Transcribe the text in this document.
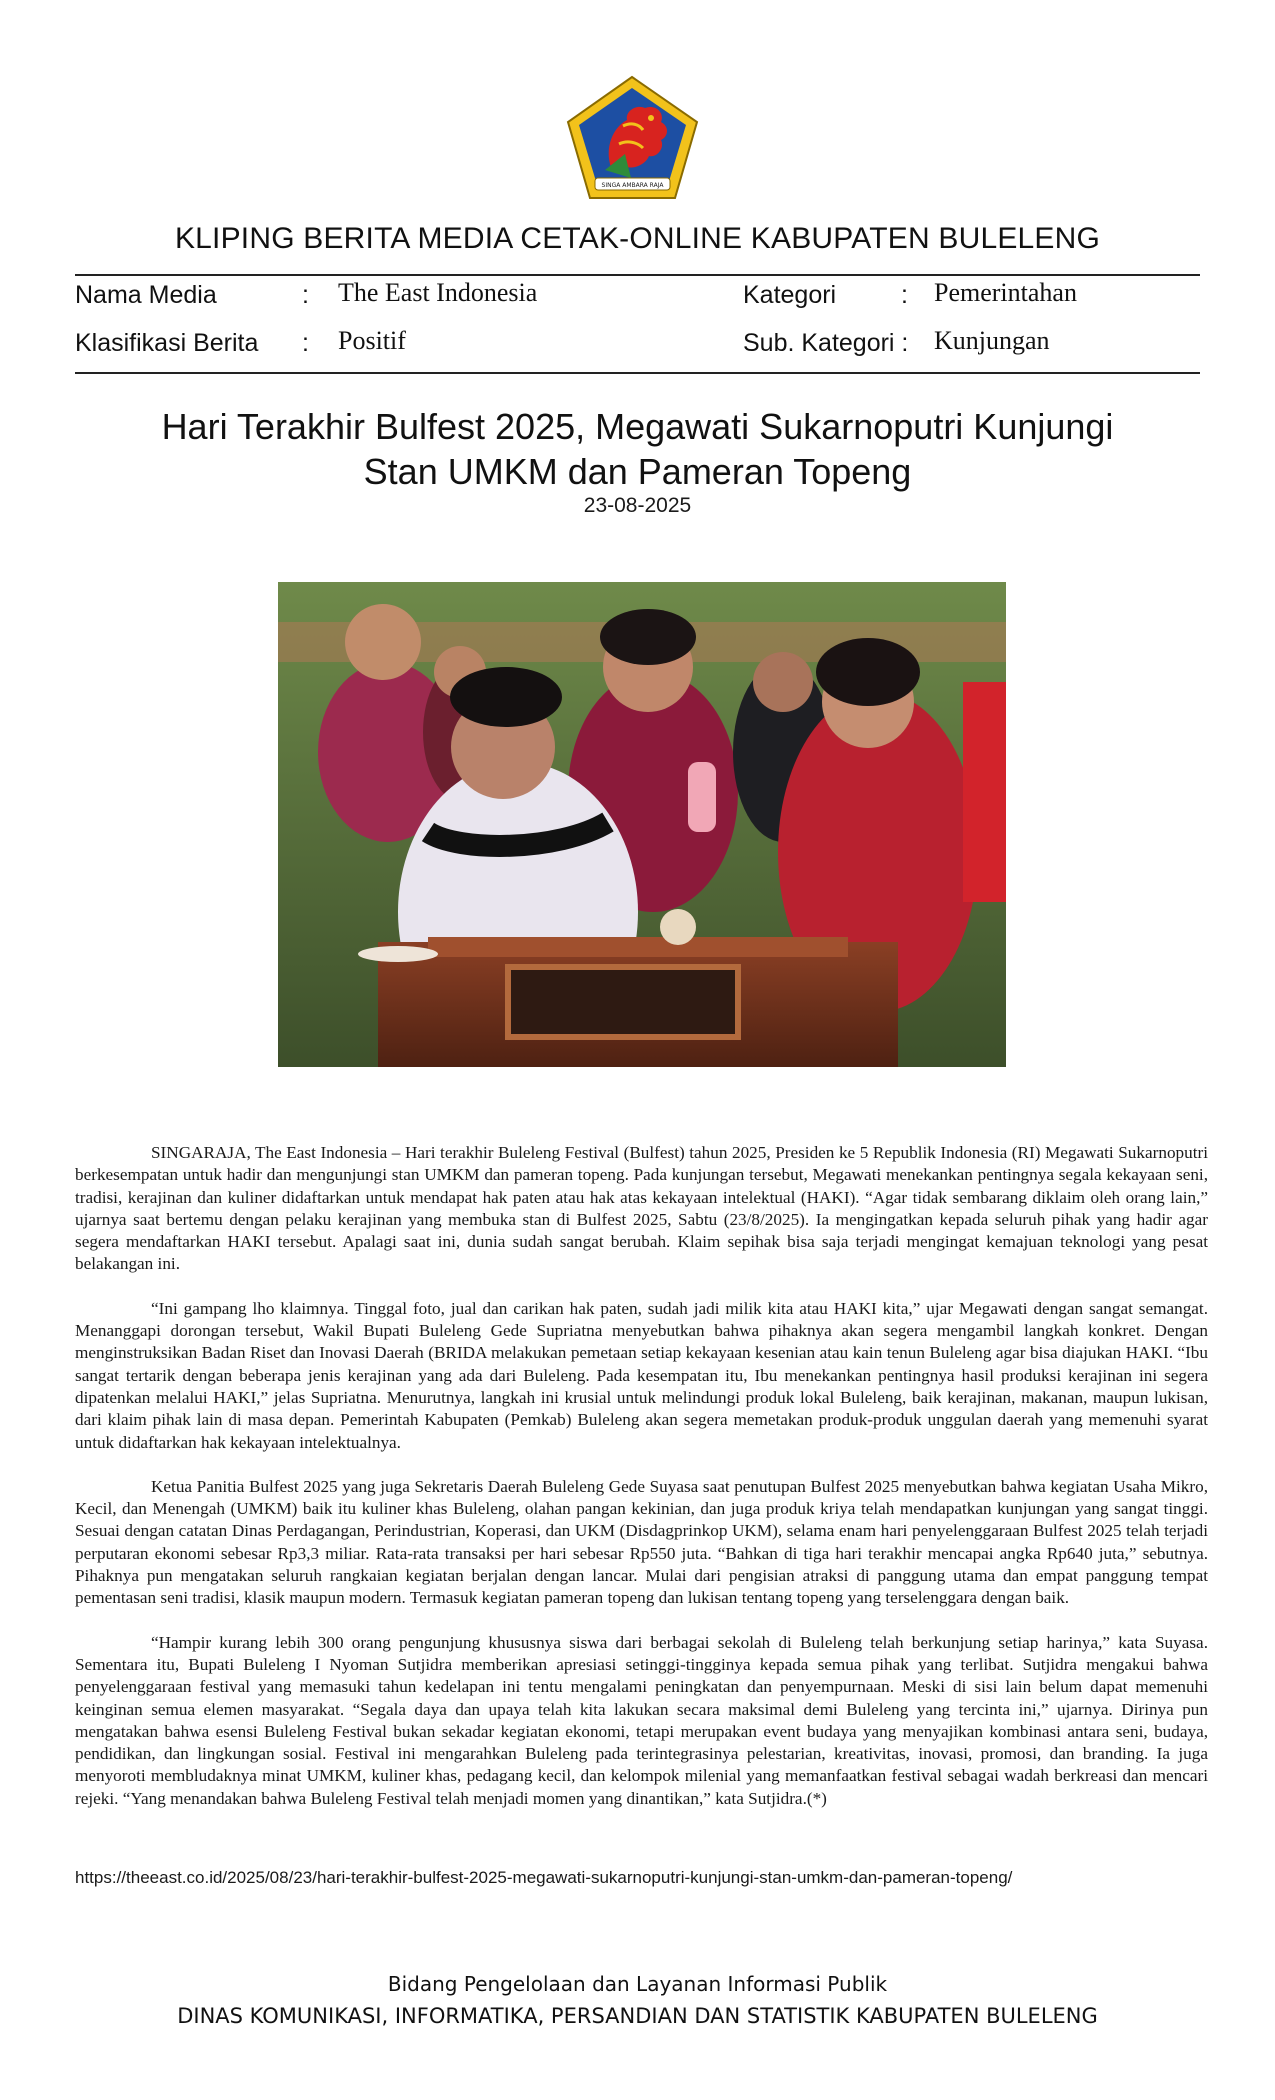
SINGA AMBARA RAJA
KLIPING BERITA MEDIA CETAK-ONLINE KABUPATEN BULELENG
Nama Media	: The East Indonesia	Kategori	: Pemerintahan
Klasifikasi Berita : Positif	Sub. Kategori : Kunjungan
Hari Terakhir Bulfest 2025, Megawati Sukarnoputri Kunjungi
Stan UMKM dan Pameran Topeng
23-08-2025

SINGARAJA, The East Indonesia – Hari terakhir Buleleng Festival (Bulfest) tahun 2025, Presiden ke 5 Republik Indonesia (RI) Megawati Sukarnoputri berkesempatan untuk hadir dan mengunjungi stan UMKM dan pameran topeng. Pada kunjungan tersebut, Megawati menekankan pentingnya segala kekayaan seni, tradisi, kerajinan dan kuliner didaftarkan untuk mendapat hak paten atau hak atas kekayaan intelektual (HAKI). “Agar tidak sembarang diklaim oleh orang lain,” ujarnya saat bertemu dengan pelaku kerajinan yang membuka stan di Bulfest 2025, Sabtu (23/8/2025). Ia mengingatkan kepada seluruh pihak yang hadir agar segera mendaftarkan HAKI tersebut. Apalagi saat ini, dunia sudah sangat berubah. Klaim sepihak bisa saja terjadi mengingat kemajuan teknologi yang pesat belakangan ini.

“Ini gampang lho klaimnya. Tinggal foto, jual dan carikan hak paten, sudah jadi milik kita atau HAKI kita,” ujar Megawati dengan sangat semangat. Menanggapi dorongan tersebut, Wakil Bupati Buleleng Gede Supriatna menyebutkan bahwa pihaknya akan segera mengambil langkah konkret. Dengan menginstruksikan Badan Riset dan Inovasi Daerah (BRIDA melakukan pemetaan setiap kekayaan kesenian atau kain tenun Buleleng agar bisa diajukan HAKI. “Ibu sangat tertarik dengan beberapa jenis kerajinan yang ada dari Buleleng. Pada kesempatan itu, Ibu menekankan pentingnya hasil produksi kerajinan ini segera dipatenkan melalui HAKI,” jelas Supriatna. Menurutnya, langkah ini krusial untuk melindungi produk lokal Buleleng, baik kerajinan, makanan, maupun lukisan, dari klaim pihak lain di masa depan. Pemerintah Kabupaten (Pemkab) Buleleng akan segera memetakan produk-produk unggulan daerah yang memenuhi syarat untuk didaftarkan hak kekayaan intelektualnya.

Ketua Panitia Bulfest 2025 yang juga Sekretaris Daerah Buleleng Gede Suyasa saat penutupan Bulfest 2025 menyebutkan bahwa kegiatan Usaha Mikro, Kecil, dan Menengah (UMKM) baik itu kuliner khas Buleleng, olahan pangan kekinian, dan juga produk kriya telah mendapatkan kunjungan yang sangat tinggi. Sesuai dengan catatan Dinas Perdagangan, Perindustrian, Koperasi, dan UKM (Disdagprinkop UKM), selama enam hari penyelenggaraan Bulfest 2025 telah terjadi perputaran ekonomi sebesar Rp3,3 miliar. Rata-rata transaksi per hari sebesar Rp550 juta. “Bahkan di tiga hari terakhir mencapai angka Rp640 juta,” sebutnya. Pihaknya pun mengatakan seluruh rangkaian kegiatan berjalan dengan lancar. Mulai dari pengisian atraksi di panggung utama dan empat panggung tempat pementasan seni tradisi, klasik maupun modern. Termasuk kegiatan pameran topeng dan lukisan tentang topeng yang terselenggara dengan baik.

“Hampir kurang lebih 300 orang pengunjung khususnya siswa dari berbagai sekolah di Buleleng telah berkunjung setiap harinya,” kata Suyasa. Sementara itu, Bupati Buleleng I Nyoman Sutjidra memberikan apresiasi setinggi-tingginya kepada semua pihak yang terlibat. Sutjidra mengakui bahwa penyelenggaraan festival yang memasuki tahun kedelapan ini tentu mengalami peningkatan dan penyempurnaan. Meski di sisi lain belum dapat memenuhi keinginan semua elemen masyarakat. “Segala daya dan upaya telah kita lakukan secara maksimal demi Buleleng yang tercinta ini,” ujarnya. Dirinya pun mengatakan bahwa esensi Buleleng Festival bukan sekadar kegiatan ekonomi, tetapi merupakan event budaya yang menyajikan kombinasi antara seni, budaya, pendidikan, dan lingkungan sosial. Festival ini mengarahkan Buleleng pada terintegrasinya pelestarian, kreativitas, inovasi, promosi, dan branding. Ia juga menyoroti membludaknya minat UMKM, kuliner khas, pedagang kecil, dan kelompok milenial yang memanfaatkan festival sebagai wadah berkreasi dan mencari rejeki. “Yang menandakan bahwa Buleleng Festival telah menjadi momen yang dinantikan,” kata Sutjidra.(*)

https://theeast.co.id/2025/08/23/hari-terakhir-bulfest-2025-megawati-sukarnoputri-kunjungi-stan-umkm-dan-pameran-topeng/
Bidang Pengelolaan dan Layanan Informasi Publik
DINAS KOMUNIKASI, INFORMATIKA, PERSANDIAN DAN STATISTIK KABUPATEN BULELENG
